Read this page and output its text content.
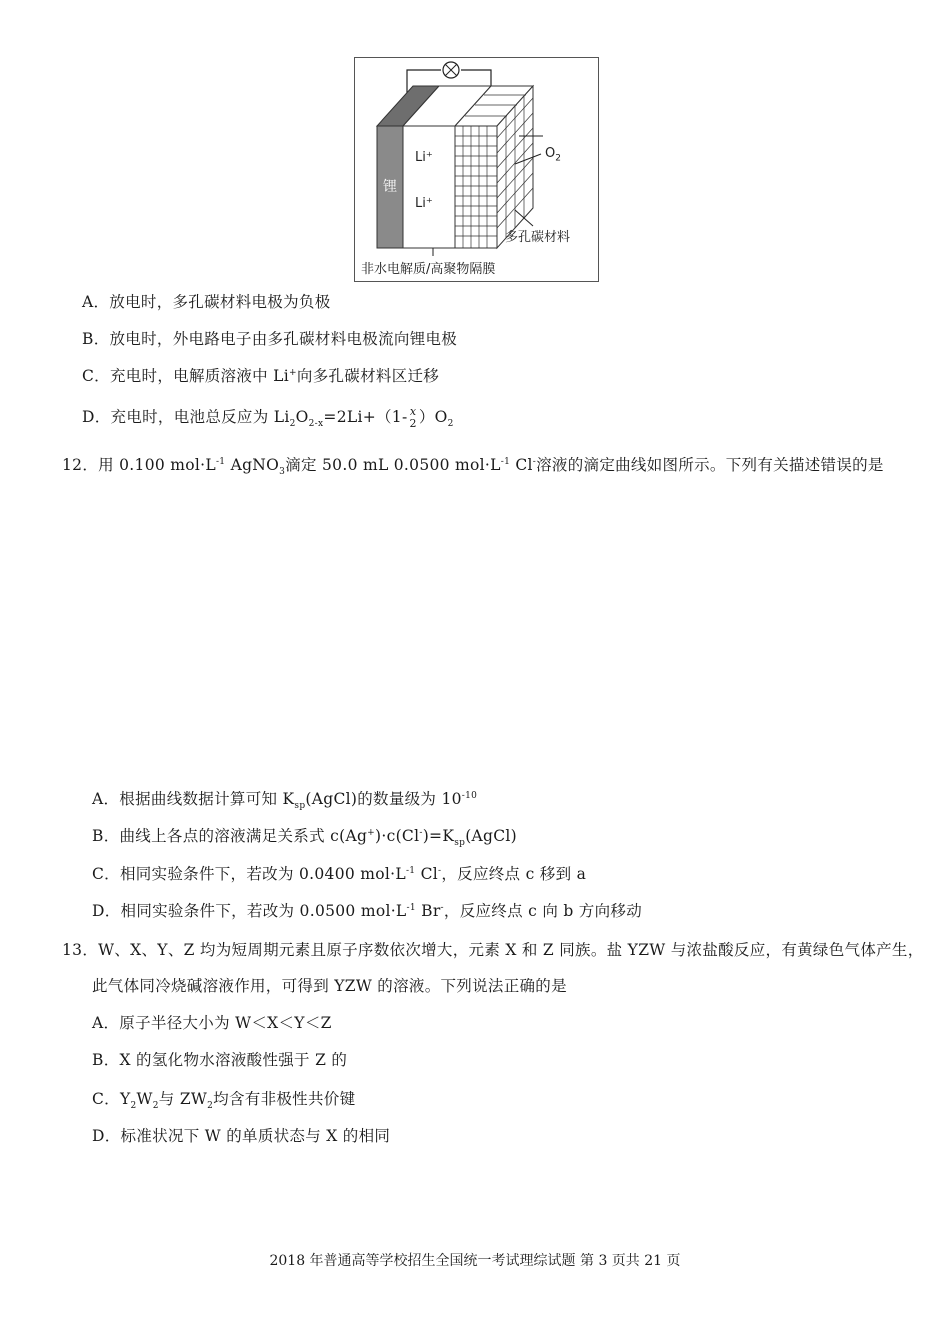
锂
Li⁺
Li⁺
$O_2$
多孔碳材料
非水电解质/高聚物隔膜
A．放电时，多孔碳材料电极为负极
B．放电时，外电路电子由多孔碳材料电极流向锂电极
C．充电时，电解质溶液中 Li+向多孔碳材料区迁移
D．充电时，电池总反应为 $Li_2O_{2-x}=2Li+(1-$ x
2 ）$O_2$
12．用 0.100 $mol\cdot L^{-1}$ AgNO$_3$滴定 50.0 mL 0.0500 $mol\cdot L^{-1}$ Cl-溶液的滴定曲线如图所示。下列有关描述错误的是
A．根据曲线数据计算可知 $K_{sp}(AgCl)$的数量级为 $10^{-10}$
B．曲线上各点的溶液满足关系式 $c(Ag^+)\cdot c(Cl^-)=K_{sp}(AgCl)$
C．相同实验条件下，若改为 0.0400 $mol\cdot L^{-1}$ Cl-，反应终点 c 移到 a
D．相同实验条件下，若改为 0.0500 $mol\cdot L^{-1}$ Br-，反应终点 c 向 b 方向移动
13．W、X、Y、Z 均为短周期元素且原子序数依次增大，元素 X 和 Z 同族。盐 YZW 与浓盐酸反应，有黄绿色气体产生，
此气体同冷烧碱溶液作用，可得到 YZW 的溶液。下列说法正确的是
A．原子半径大小为 W＜X＜Y＜Z
B．X 的氢化物水溶液酸性强于 Z 的
C．$Y_2W_2$与 $ZW_2$均含有非极性共价键
D．标准状况下 W 的单质状态与 X 的相同
2018 年普通高等学校招生全国统一考试理综试题 第 3 页共 21 页
